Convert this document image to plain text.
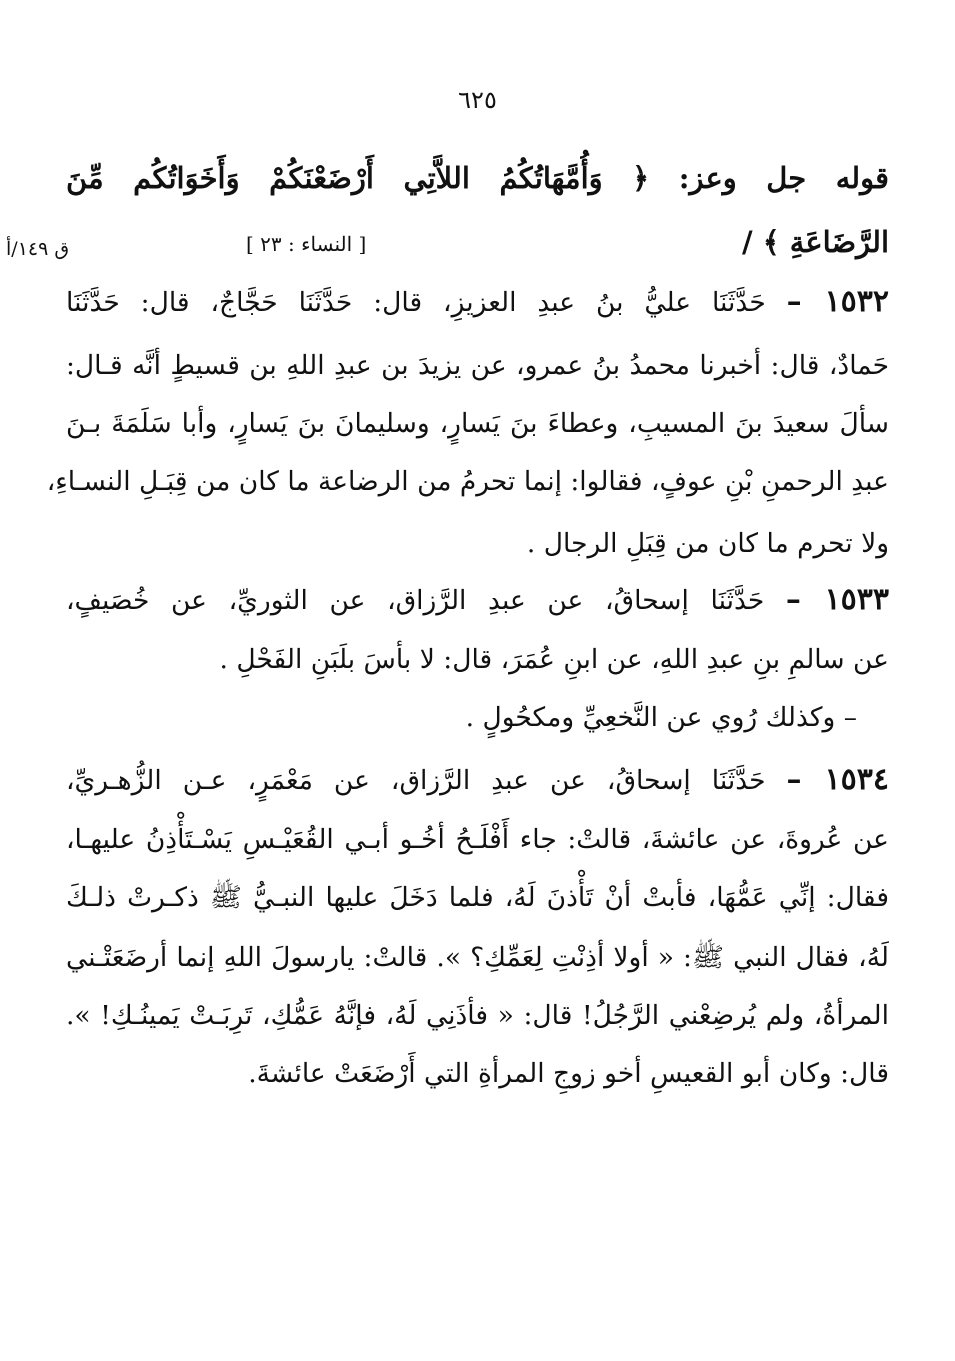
٦٢٥
قوله جل وعز: ﴿ وَأُمَّهَاتُكُمُ اللاَّتِي أَرْضَعْنَكُمْ وَأَخَوَاتُكُم مِّنَ
الرَّضَاعَةِ ﴾ /
[ النساء : ٢٣ ]
ق ١٤٩/أ
١٥٣٢ – حَدَّثَنَا عليُّ بنُ عبدِ العزيزِ، قال: حَدَّثَنَا حَجَّاجٌ، قال: حَدَّثَنَا
حَمادٌ، قال: أخبرنا محمدُ بنُ عمرو، عن يزيدَ بن عبدِ اللهِ بن قسيطٍ أنَّه قـال:
سألَ سعيدَ بنَ المسيبِ، وعطاءَ بنَ يَسارٍ، وسليمانَ بنَ يَسارٍ، وأبا سَلَمَةَ بـنَ
عبدِ الرحمنِ بْنِ عوفٍ، فقالوا: إنما تحرمُ من الرضاعة ما كان من قِبَـلِ النسـاءِ،
ولا تحرم ما كان من قِبَلِ الرجال .
١٥٣٣ – حَدَّثَنَا إسحاقُ، عن عبدِ الرَّزاق، عن الثوريِّ، عن خُصَيفٍ،
عن سالمِ بنِ عبدِ اللهِ، عن ابنِ عُمَرَ، قال: لا بأسَ بلَبَنِ الفَحْلِ .
– وكذلك رُوي عن النَّخعِيِّ ومكحُولٍ .
١٥٣٤ – حَدَّثَنَا إسحاقُ، عن عبدِ الرَّزاق، عن مَعْمَرٍ، عـن الزُّهـريِّ،
عن عُروةَ، عن عائشةَ، قالتْ: جاء أَفْلَـحُ أخُـو أبـي القُعَيْـسِ يَسْـتَأْذِنُ عليهـا،
فقال: إنِّي عَمُّهَا، فأبتْ أنْ تَأْذنَ لَهُ، فلما دَخَلَ عليها النبـيُّ ﷺ ذكـرتْ ذلـكَ
لَهُ، فقال النبي ﷺ: « أولا أذِنْتِ لِعَمِّكِ؟ ». قالتْ: يارسولَ اللهِ إنما أرضَعَتْـني
المرأةُ، ولم يُرضِعْني الرَّجُلُ! قال: « فأذَنِي لَهُ، فإنَّهُ عَمُّكِ، تَرِبَـتْ يَمينُـكِ! ».
قال: وكان أبو القعيسِ أخو زوجِ المرأةِ التي أَرْضَعَتْ عائشةَ.
